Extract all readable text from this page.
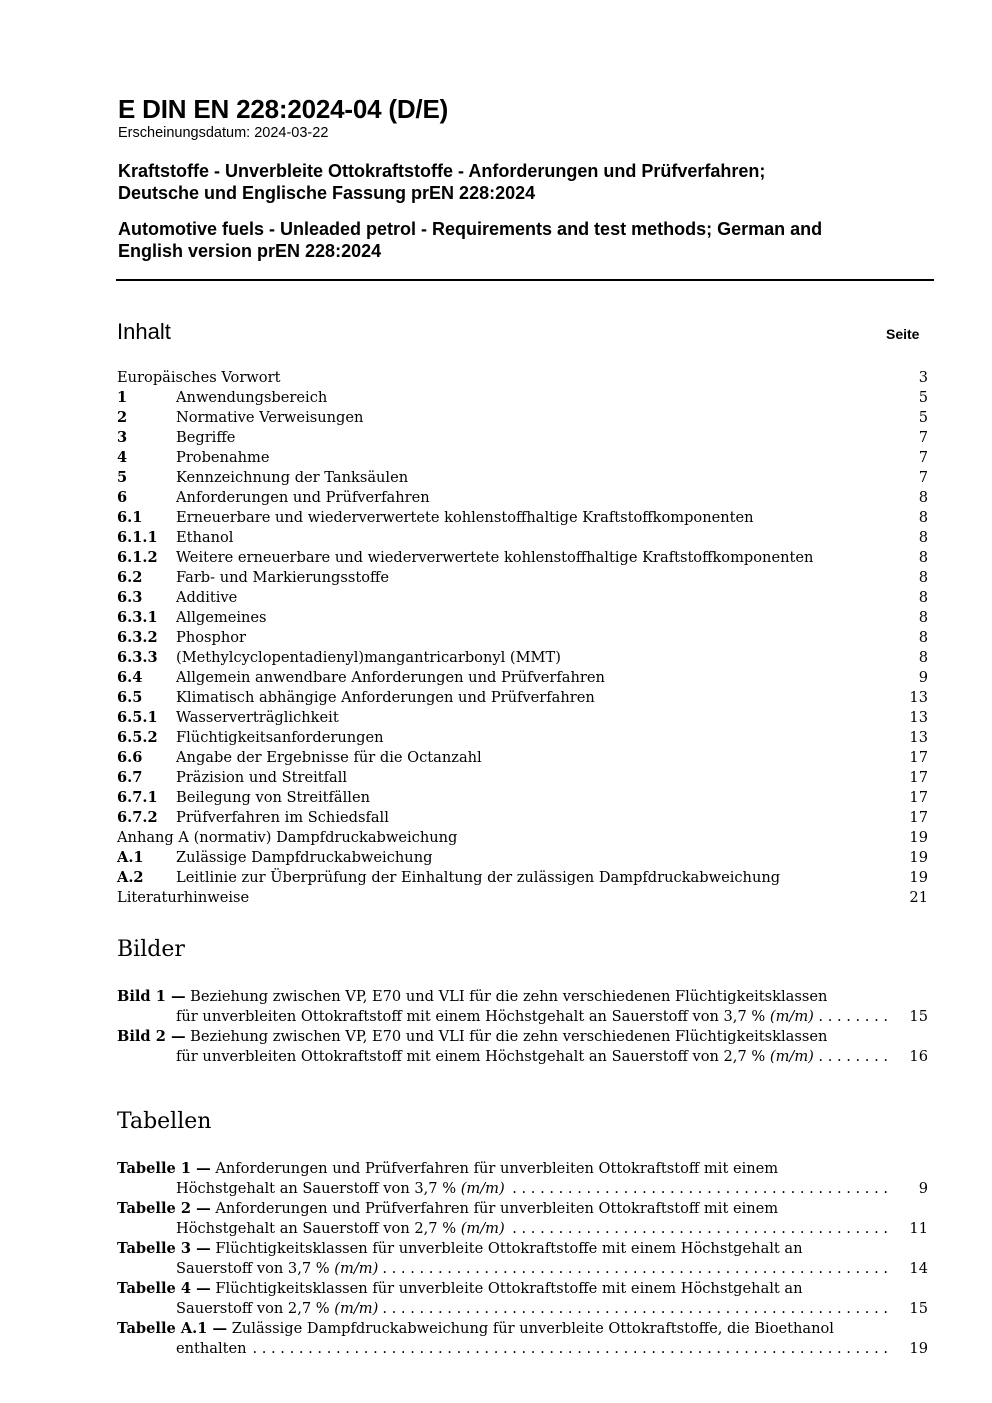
E DIN EN 228:2024-04 (D/E)
Erscheinungsdatum: 2024-03-22
Kraftstoffe - Unverbleite Ottokraftstoffe - Anforderungen und Prüfverfahren;
Deutsche und Englische Fassung prEN 228:2024
Automotive fuels - Unleaded petrol - Requirements and test methods; German and
English version prEN 228:2024
Inhalt	Seite
Europäisches Vorwort	3
1	Anwendungsbereich	5
2	Normative Verweisungen	5
3	Begriffe	7
4	Probenahme	7
5	Kennzeichnung der Tanksäulen	7
6	Anforderungen und Prüfverfahren	8
6.1 Erneuerbare und wiederverwertete kohlenstoffhaltige Kraftstoffkomponenten	8
6.1.1 Ethanol	8
6.1.2 Weitere erneuerbare und wiederverwertete kohlenstoffhaltige Kraftstoffkomponenten	8
6.2 Farb- und Markierungsstoffe	8
6.3 Additive	8
6.3.1 Allgemeines	8
6.3.2 Phosphor	8
6.3.3 (Methylcyclopentadienyl)mangantricarbonyl (MMT)	8
6.4 Allgemein anwendbare Anforderungen und Prüfverfahren	9
6.5 Klimatisch abhängige Anforderungen und Prüfverfahren	13
6.5.1 Wasserverträglichkeit	13
6.5.2 Flüchtigkeitsanforderungen	13
6.6 Angabe der Ergebnisse für die Octanzahl	17
6.7 Präzision und Streitfall	17
6.7.1 Beilegung von Streitfällen	17
6.7.2 Prüfverfahren im Schiedsfall	17
Anhang A (normativ) Dampfdruckabweichung	19
A.1 Zulässige Dampfdruckabweichung	19
A.2 Leitlinie zur Überprüfung der Einhaltung der zulässigen Dampfdruckabweichung	19
Literaturhinweise	21
Bilder
. . .
Bild 1 — Beziehung zwischen VP, E70 und VLI für die zehn verschiedenen Flüchtigkeitsklassen
für unverbleiten Ottokraftstoff mit einem Höchstgehalt an Sauerstoff von 3,7 % (m/m)	15
. . .
Bild 2 — Beziehung zwischen VP, E70 und VLI für die zehn verschiedenen Flüchtigkeitsklassen
für unverbleiten Ottokraftstoff mit einem Höchstgehalt an Sauerstoff von 2,7 % (m/m)	16
Tabellen
. . .
Tabelle 1 — Anforderungen und Prüfverfahren für unverbleiten Ottokraftstoff mit einem
Höchstgehalt an Sauerstoff von 3,7 % (m/m)	9
. . .
Tabelle 2 — Anforderungen und Prüfverfahren für unverbleiten Ottokraftstoff mit einem
Höchstgehalt an Sauerstoff von 2,7 % (m/m)	11
. . .
Tabelle 3 — Flüchtigkeitsklassen für unverbleite Ottokraftstoffe mit einem Höchstgehalt an
Sauerstoff von 3,7 % (m/m)	14
. . .
Tabelle 4 — Flüchtigkeitsklassen für unverbleite Ottokraftstoffe mit einem Höchstgehalt an
Sauerstoff von 2,7 % (m/m)	15
. . .
Tabelle A.1 — Zulässige Dampfdruckabweichung für unverbleite Ottokraftstoffe, die Bioethanol
enthalten	19
